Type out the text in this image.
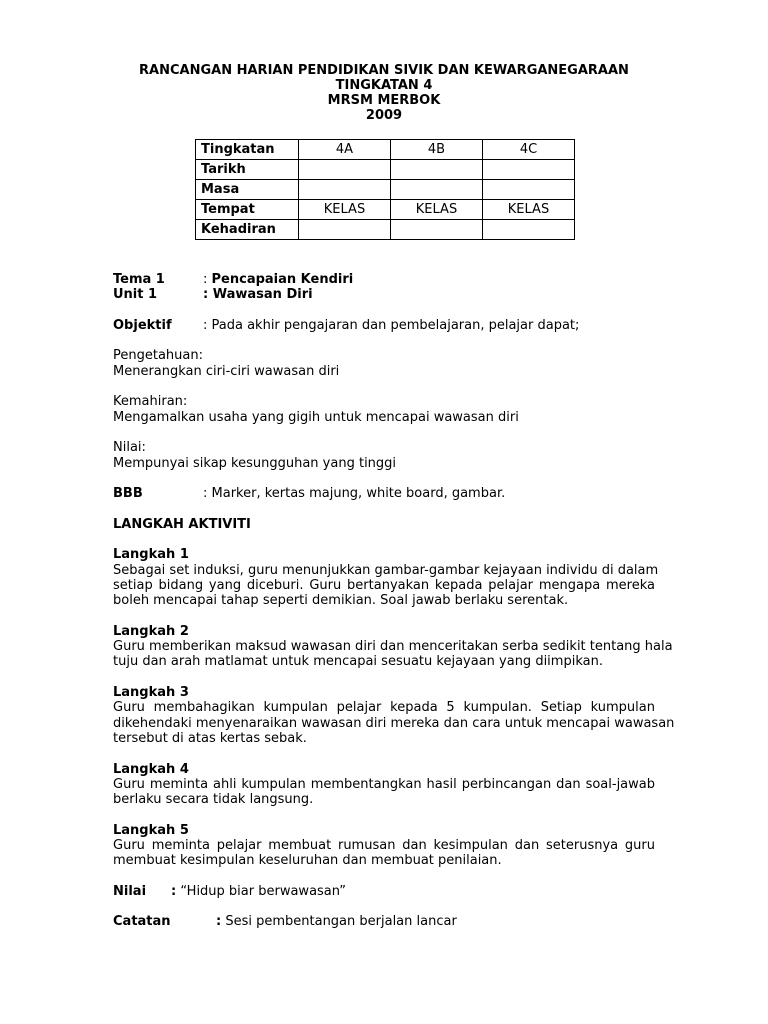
RANCANGAN HARIAN PENDIDIKAN SIVIK DAN KEWARGANEGARAAN
TINGKATAN 4
MRSM MERBOK
2009
Tingkatan	4A	4B	4C
Tarikh			
Masa			
Tempat	KELAS	KELAS	KELAS
Kehadiran			
Tema 1	: Pencapaian Kendiri
Unit 1	: Wawasan Diri
Objektif : Pada akhir pengajaran dan pembelajaran, pelajar dapat;
Pengetahuan:
Menerangkan ciri-ciri wawasan diri
Kemahiran:
Mengamalkan usaha yang gigih untuk mencapai wawasan diri
Nilai:
Mempunyai sikap kesungguhan yang tinggi
BBB	: Marker, kertas majung, white board, gambar.
LANGKAH AKTIVITI
Langkah 1
Sebagai set induksi, guru menunjukkan gambar-gambar kejayaan individu di dalam
setiap bidang yang diceburi. Guru bertanyakan kepada pelajar mengapa mereka
boleh mencapai tahap seperti demikian. Soal jawab berlaku serentak.
Langkah 2
Guru memberikan maksud wawasan diri dan menceritakan serba sedikit tentang hala
tuju dan arah matlamat untuk mencapai sesuatu kejayaan yang diimpikan.
Langkah 3
Guru membahagikan kumpulan pelajar kepada 5 kumpulan. Setiap kumpulan
dikehendaki menyenaraikan wawasan diri mereka dan cara untuk mencapai wawasan
tersebut di atas kertas sebak.
Langkah 4
Guru meminta ahli kumpulan membentangkan hasil perbincangan dan soal-jawab
berlaku secara tidak langsung.
Langkah 5
Guru meminta pelajar membuat rumusan dan kesimpulan dan seterusnya guru
membuat kesimpulan keseluruhan dan membuat penilaian.
Nilai : “Hidup biar berwawasan”
Catatan	: Sesi pembentangan berjalan lancar
